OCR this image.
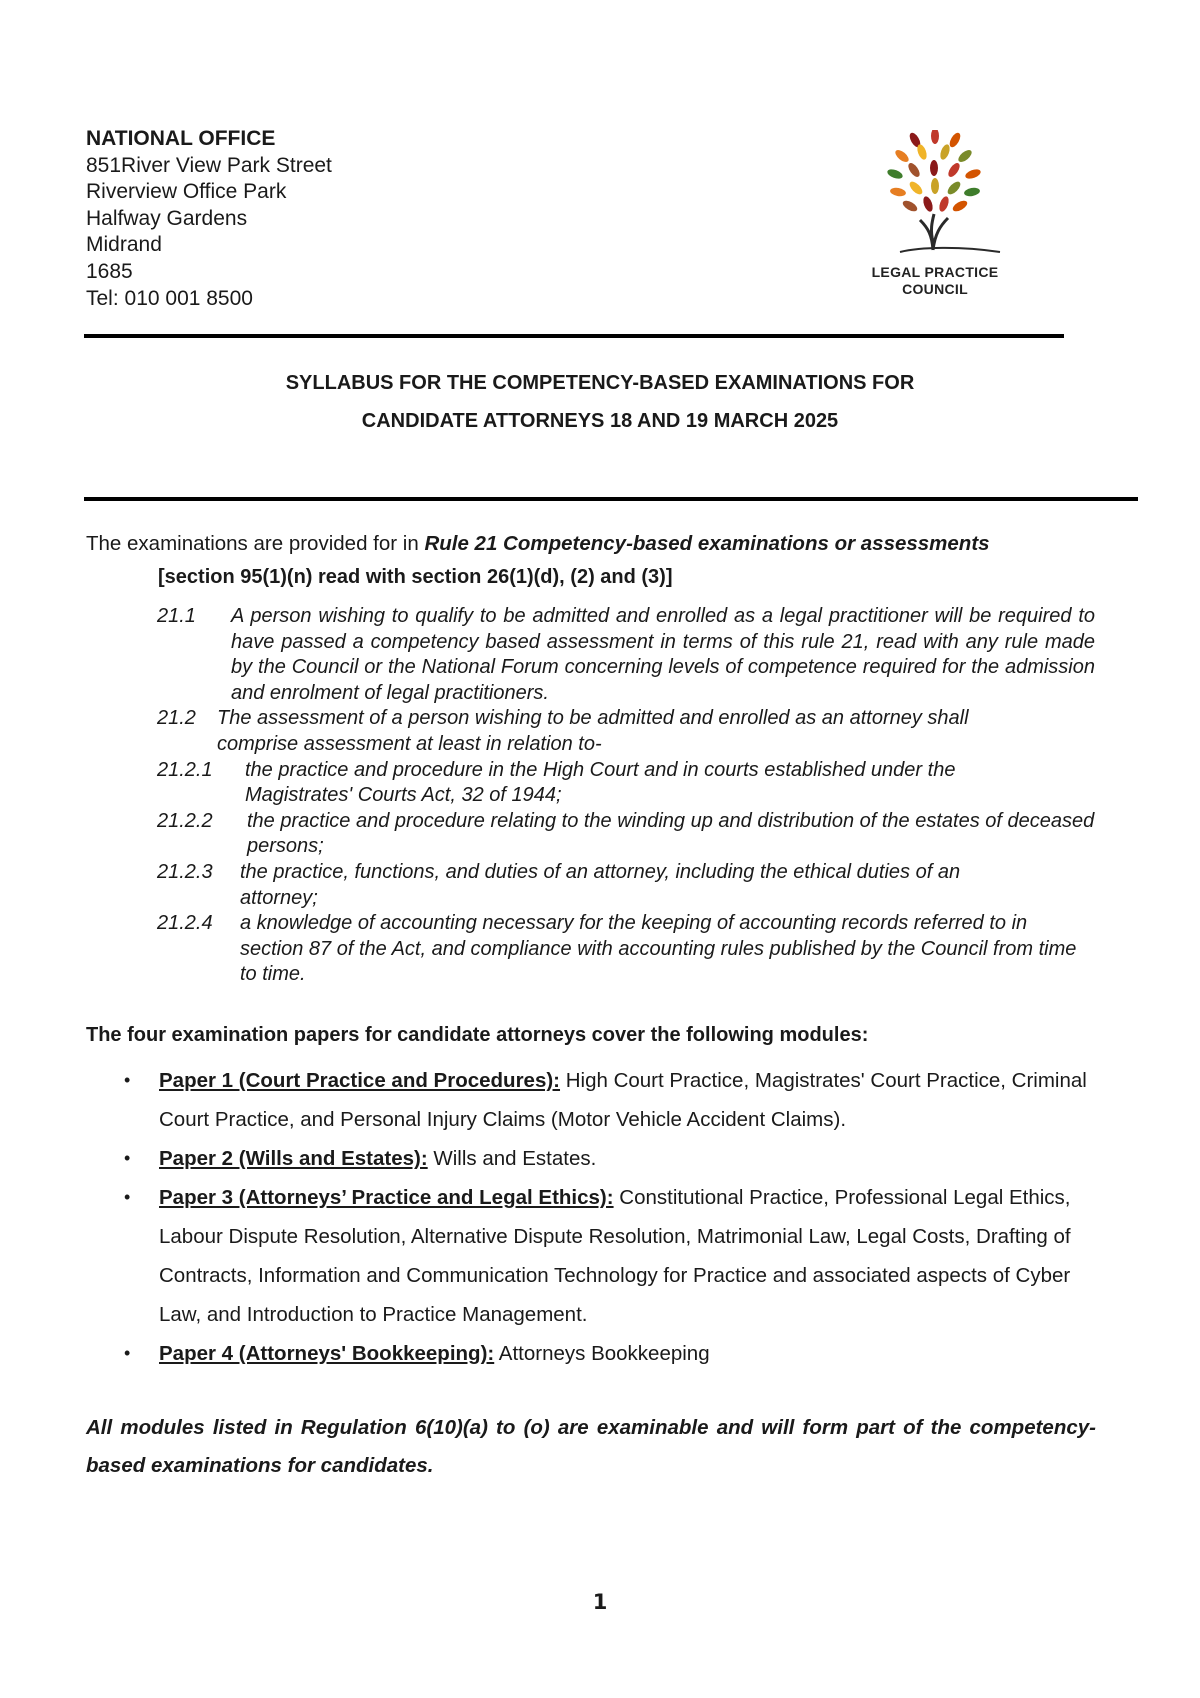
NATIONAL OFFICE
851River View Park Street
Riverview Office Park
Halfway Gardens
Midrand
1685
Tel: 010 001 8500
LEGAL PRACTICE
COUNCIL
SYLLABUS FOR THE COMPETENCY-BASED EXAMINATIONS FOR
CANDIDATE ATTORNEYS 18 AND 19 MARCH 2025
The examinations are provided for in Rule 21 Competency-based examinations or assessments
[section 95(1)(n) read with section 26(1)(d), (2) and (3)]
21.1 A person wishing to qualify to be admitted and enrolled as a legal practitioner will be required to have passed a competency based assessment in terms of this rule 21, read with any rule made by the Council or the National Forum concerning levels of competence required for the admission and enrolment of legal practitioners.
21.2 The assessment of a person wishing to be admitted and enrolled as an attorney shall comprise assessment at least in relation to-
21.2.1 the practice and procedure in the High Court and in courts established under the Magistrates' Courts Act, 32 of 1944;
21.2.2 the practice and procedure relating to the winding up and distribution of the estates of deceased persons;
21.2.3 the practice, functions, and duties of an attorney, including the ethical duties of an attorney;
21.2.4 a knowledge of accounting necessary for the keeping of accounting records referred to in section 87 of the Act, and compliance with accounting rules published by the Council from time to time.
The four examination papers for candidate attorneys cover the following modules:
• Paper 1 (Court Practice and Procedures): High Court Practice, Magistrates' Court Practice, Criminal Court Practice, and Personal Injury Claims (Motor Vehicle Accident Claims).
• Paper 2 (Wills and Estates): Wills and Estates.
• Paper 3 (Attorneys’ Practice and Legal Ethics): Constitutional Practice, Professional Legal Ethics, Labour Dispute Resolution, Alternative Dispute Resolution, Matrimonial Law, Legal Costs, Drafting of Contracts, Information and Communication Technology for Practice and associated aspects of Cyber Law, and Introduction to Practice Management.
• Paper 4 (Attorneys' Bookkeeping): Attorneys Bookkeeping
All modules listed in Regulation 6(10)(a) to (o) are examinable and will form part of the competency-based examinations for candidates.
1
